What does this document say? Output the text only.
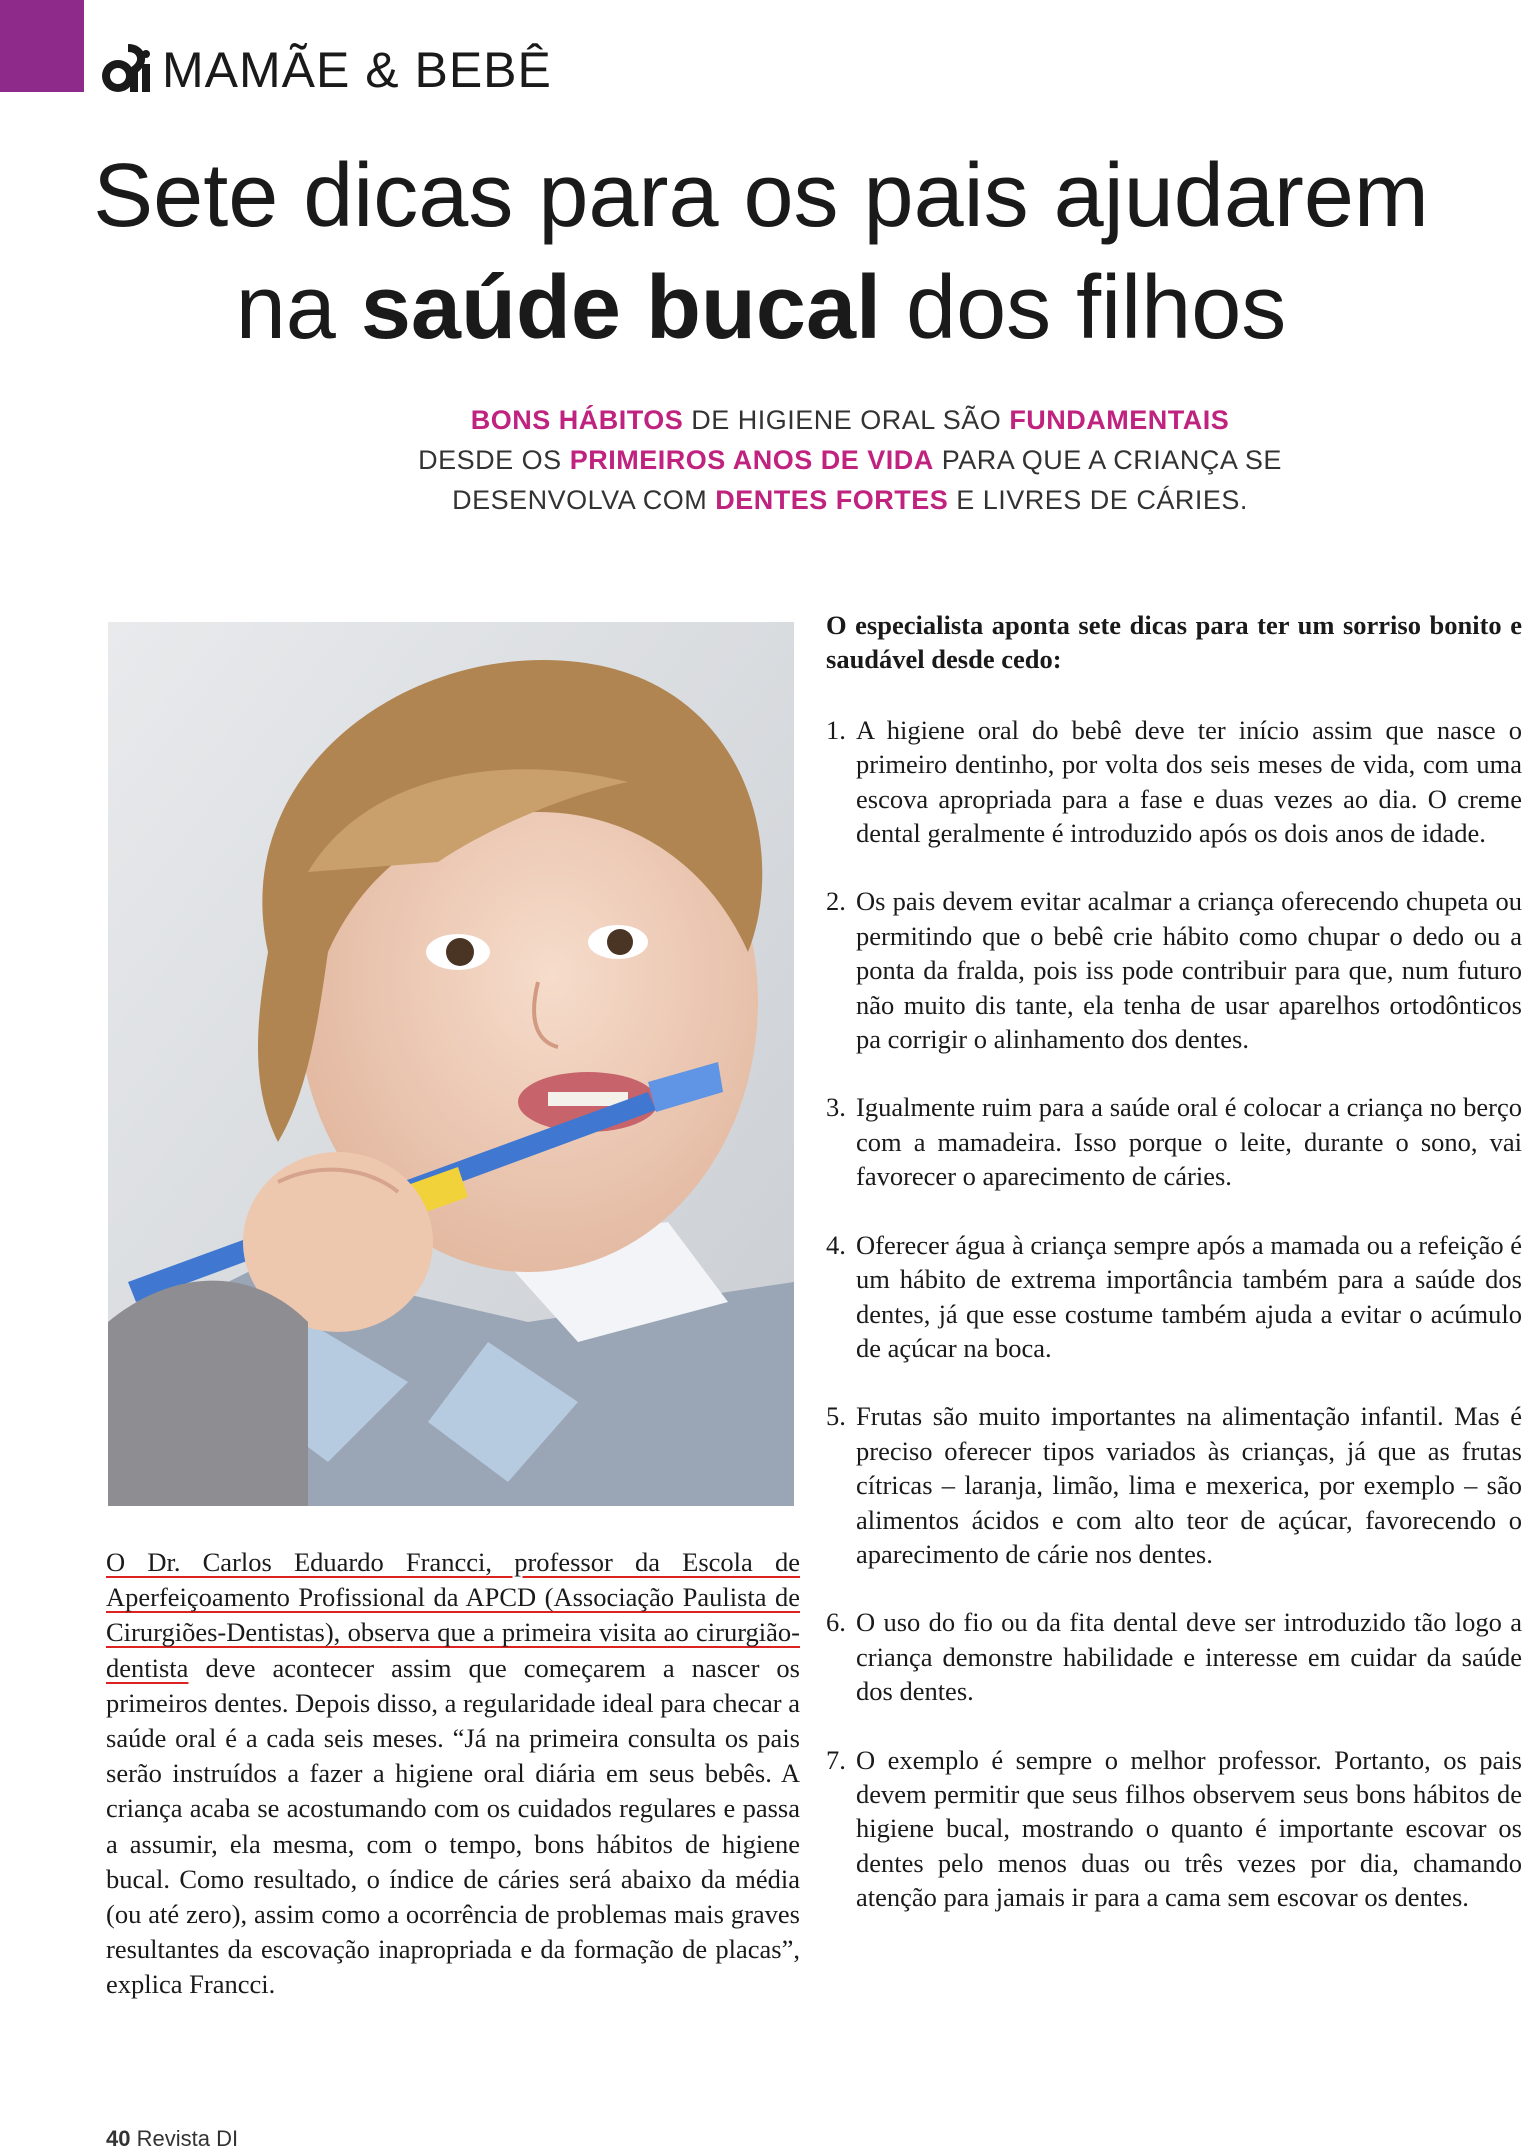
MAMÃE & BEBÊ
Sete dicas para os pais ajudarem
na saúde bucal dos filhos
BONS HÁBITOS DE HIGIENE ORAL SÃO FUNDAMENTAIS
DESDE OS PRIMEIROS ANOS DE VIDA PARA QUE A CRIANÇA SE
DESENVOLVA COM DENTES FORTES E LIVRES DE CÁRIES.
O Dr. Carlos Eduardo Francci, professor da Escola de Aperfeiçoamento Profissional da APCD (Associação Paulista de Cirurgiões-Dentistas), observa que a primeira visita ao cirurgião-dentista deve acontecer assim que começarem a nascer os primeiros dentes. Depois disso, a regularidade ideal para checar a saúde oral é a cada seis meses. “Já na primeira consulta os pais serão instruídos a fazer a higiene oral diária em seus bebês. A criança acaba se acostumando com os cuidados regulares e passa a assumir, ela mesma, com o tempo, bons hábitos de higiene bucal. Como resultado, o índice de cáries será abaixo da média (ou até zero), assim como a ocorrência de problemas mais graves resultantes da escovação inapropriada e da formação de placas”, explica Francci.

O especialista aponta sete dicas para ter um sorriso bonito e saudável desde cedo:

1. A higiene oral do bebê deve ter início assim que nasce o primeiro dentinho, por volta dos seis meses de vida, com uma escova apropriada para a fase e duas vezes ao dia. O creme dental geralmente é introduzido após os dois anos de idade.
2. Os pais devem evitar acalmar a criança oferecendo chupeta ou permitindo que o bebê crie hábito como chupar o dedo ou a ponta da fralda, pois iss pode contribuir para que, num futuro não muito dis tante, ela tenha de usar aparelhos ortodônticos pa corrigir o alinhamento dos dentes.
3. Igualmente ruim para a saúde oral é colocar a criança no berço com a mamadeira. Isso porque o leite, durante o sono, vai favorecer o aparecimento de cáries.
4. Oferecer água à criança sempre após a mamada ou a refeição é um hábito de extrema importância também para a saúde dos dentes, já que esse costume também ajuda a evitar o acúmulo de açúcar na boca.
5. Frutas são muito importantes na alimentação infantil. Mas é preciso oferecer tipos variados às crianças, já que as frutas cítricas – laranja, limão, lima e mexerica, por exemplo – são alimentos ácidos e com alto teor de açúcar, favorecendo o aparecimento de cárie nos dentes.
6. O uso do fio ou da fita dental deve ser introduzido tão logo a criança demonstre habilidade e interesse em cuidar da saúde dos dentes.
7. O exemplo é sempre o melhor professor. Portanto, os pais devem permitir que seus filhos observem seus bons hábitos de higiene bucal, mostrando o quanto é importante escovar os dentes pelo menos duas ou três vezes por dia, chamando atenção para jamais ir para a cama sem escovar os dentes.
40 Revista DI
